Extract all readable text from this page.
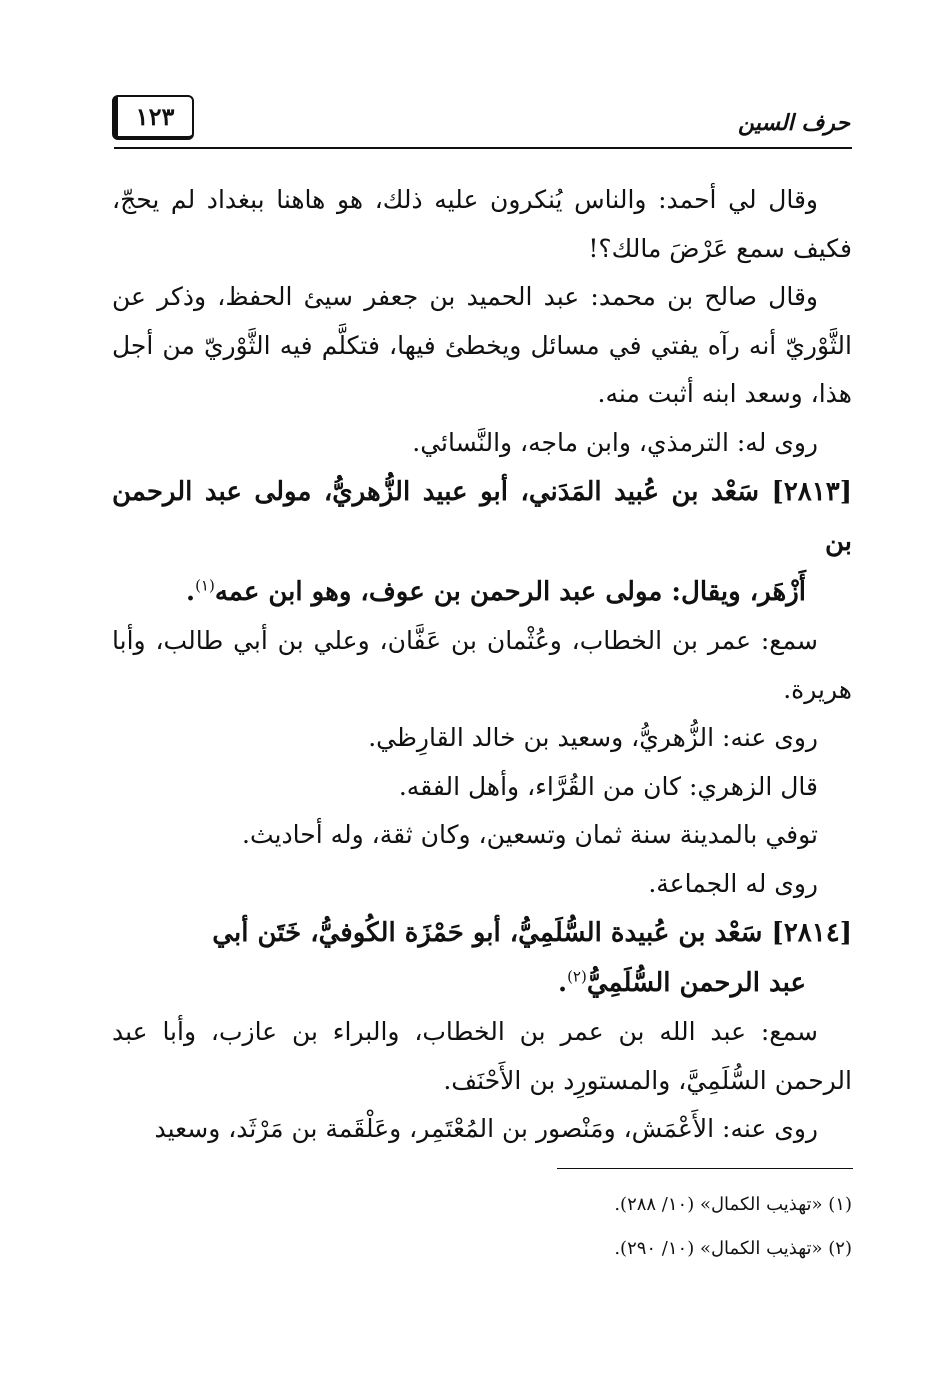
١٢٣	حرف السين

وقال لي أحمد: والناس يُنكرون عليه ذلك، هو هاهنا ببغداد لم يحجّ، فكيف سمع عَرْضَ مالك؟!

وقال صالح بن محمد: عبد الحميد بن جعفر سيئ الحفظ، وذكر عن الثَّوْريّ أنه رآه يفتي في مسائل ويخطئ فيها، فتكلَّم فيه الثَّوْريّ من أجل هذا، وسعد ابنه أثبت منه.

روى له: الترمذي، وابن ماجه، والنَّسائي.

[٢٨١٣] سَعْد بن عُبيد المَدَني، أبو عبيد الزُّهريُّ، مولى عبد الرحمن بن
أَزْهَر، ويقال: مولى عبد الرحمن بن عوف، وهو ابن عمه$^{(١)}$.

سمع: عمر بن الخطاب، وعُثْمان بن عَفَّان، وعلي بن أبي طالب، وأبا هريرة.

روى عنه: الزُّهريُّ، وسعيد بن خالد القارِظي.

قال الزهري: كان من القُرَّاء، وأهل الفقه.

توفي بالمدينة سنة ثمان وتسعين، وكان ثقة، وله أحاديث.

روى له الجماعة.

[٢٨١٤] سَعْد بن عُبيدة السُّلَمِيُّ، أبو حَمْزَة الكُوفيُّ، خَتَن أبي
عبد الرحمن السُّلَمِيُّ$^{(٢)}$.

سمع: عبد الله بن عمر بن الخطاب، والبراء بن عازب، وأبا عبد الرحمن السُّلَمِيَّ، والمستورِد بن الأَحْنَف.

روى عنه: الأَعْمَش، ومَنْصور بن المُعْتَمِر، وعَلْقَمة بن مَرْثَد، وسعيد

(١) «تهذيب الكمال» (١٠/ ٢٨٨).

(٢) «تهذيب الكمال» (١٠/ ٢٩٠).
